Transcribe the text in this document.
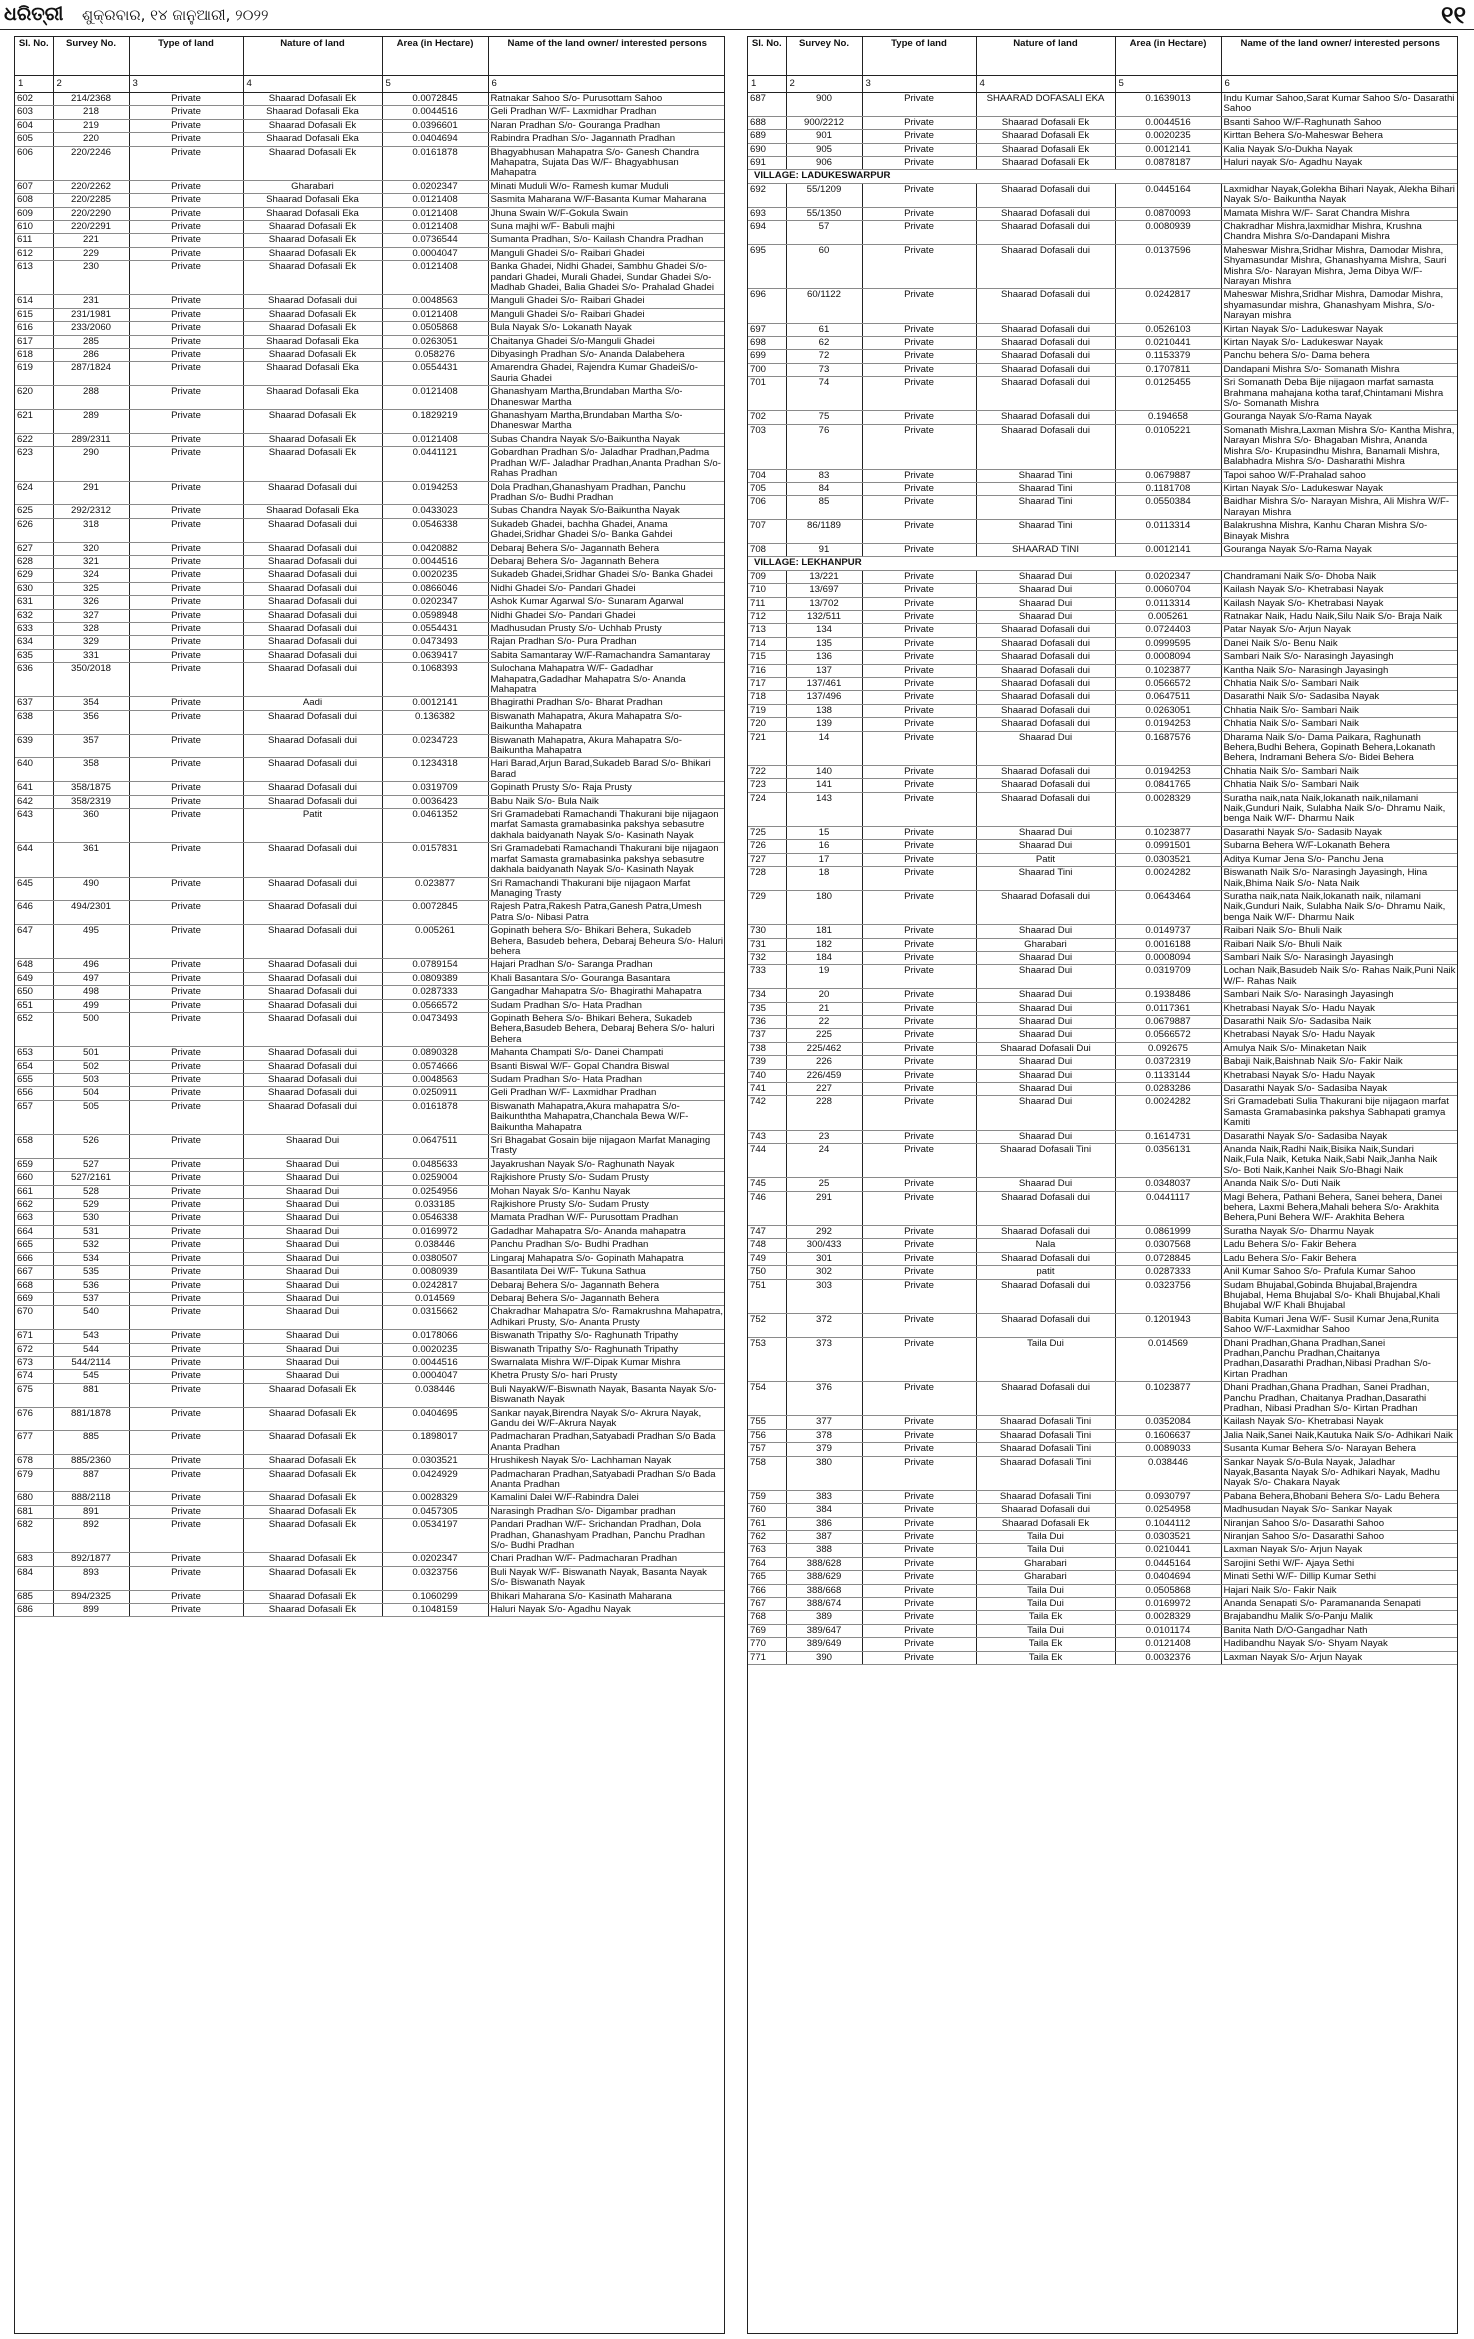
ଧରିତ୍ରୀ ଶୁକ୍ରବାର, ୧୪ ଜାନୁଆରୀ, ୨୦୨୨	୧୧
Sl. No.	Survey No.	Type of land	Nature of land	Area (in Hectare)	Name of the land owner/ interested persons
1	2	3	4	5	6
602	214/2368	Private	Shaarad Dofasali Ek	0.0072845	Ratnakar Sahoo S/o- Purusottam Sahoo
603	218	Private	Shaarad Dofasali Eka	0.0044516	Geli Pradhan W/F- Laxmidhar Pradhan
604	219	Private	Shaarad Dofasali Ek	0.0396601	Naran Pradhan S/o- Gouranga Pradhan
605	220	Private	Shaarad Dofasali Eka	0.0404694	Rabindra Pradhan S/o- Jagannath Pradhan
606	220/2246	Private	Shaarad Dofasali Ek	0.0161878	Bhagyabhusan Mahapatra S/o- Ganesh Chandra Mahapatra, Sujata Das W/F- Bhagyabhusan Mahapatra
607	220/2262	Private	Gharabari	0.0202347	Minati Muduli W/o- Ramesh kumar Muduli
608	220/2285	Private	Shaarad Dofasali Eka	0.0121408	Sasmita Maharana W/F-Basanta Kumar Maharana
609	220/2290	Private	Shaarad Dofasali Eka	0.0121408	Jhuna Swain W/F-Gokula Swain
610	220/2291	Private	Shaarad Dofasali Ek	0.0121408	Suna majhi w/F- Babuli majhi
611	221	Private	Shaarad Dofasali Ek	0.0736544	Sumanta Pradhan, S/o- Kailash Chandra Pradhan
612	229	Private	Shaarad Dofasali Ek	0.0004047	Manguli Ghadei S/o- Raibari Ghadei
613	230	Private	Shaarad Dofasali Ek	0.0121408	Banka Ghadei, Nidhi Ghadei, Sambhu Ghadei S/o- pandari Ghadei, Murali Ghadei, Sundar Ghadei S/o- Madhab Ghadei, Balia Ghadei S/o- Prahalad Ghadei
614	231	Private	Shaarad Dofasali dui	0.0048563	Manguli Ghadei S/o- Raibari Ghadei
615	231/1981	Private	Shaarad Dofasali Ek	0.0121408	Manguli Ghadei S/o- Raibari Ghadei
616	233/2060	Private	Shaarad Dofasali Ek	0.0505868	Bula Nayak S/o- Lokanath Nayak
617	285	Private	Shaarad Dofasali Eka	0.0263051	Chaitanya Ghadei S/o-Manguli Ghadei
618	286	Private	Shaarad Dofasali Ek	0.058276	Dibyasingh Pradhan S/o- Ananda Dalabehera
619	287/1824	Private	Shaarad Dofasali Eka	0.0554431	Amarendra Ghadei, Rajendra Kumar GhadeiS/o- Sauria Ghadei
620	288	Private	Shaarad Dofasali Eka	0.0121408	Ghanashyam Martha,Brundaban Martha S/o- Dhaneswar Martha
621	289	Private	Shaarad Dofasali Ek	0.1829219	Ghanashyam Martha,Brundaban Martha S/o- Dhaneswar Martha
622	289/2311	Private	Shaarad Dofasali Ek	0.0121408	Subas Chandra Nayak S/o-Baikuntha Nayak
623	290	Private	Shaarad Dofasali Ek	0.0441121	Gobardhan Pradhan S/o- Jaladhar Pradhan,Padma Pradhan W/F- Jaladhar Pradhan,Ananta Pradhan S/o- Rahas Pradhan
624	291	Private	Shaarad Dofasali dui	0.0194253	Dola Pradhan,Ghanashyam Pradhan, Panchu Pradhan S/o- Budhi Pradhan
625	292/2312	Private	Shaarad Dofasali Eka	0.0433023	Subas Chandra Nayak S/o-Baikuntha Nayak
626	318	Private	Shaarad Dofasali dui	0.0546338	Sukadeb Ghadei, bachha Ghadei, Anama Ghadei,Sridhar Ghadei S/o- Banka Gahdei
627	320	Private	Shaarad Dofasali dui	0.0420882	Debaraj Behera S/o- Jagannath Behera
628	321	Private	Shaarad Dofasali dui	0.0044516	Debaraj Behera S/o- Jagannath Behera
629	324	Private	Shaarad Dofasali dui	0.0020235	Sukadeb Ghadei,Sridhar Ghadei S/o- Banka Ghadei
630	325	Private	Shaarad Dofasali dui	0.0866046	Nidhi Ghadei S/o- Pandari Ghadei
631	326	Private	Shaarad Dofasali dui	0.0202347	Ashok Kumar Agarwal S/o- Sunaram Agarwal
632	327	Private	Shaarad Dofasali dui	0.0598948	Nidhi Ghadei S/o- Pandari Ghadei
633	328	Private	Shaarad Dofasali dui	0.0554431	Madhusudan Prusty S/o- Uchhab Prusty
634	329	Private	Shaarad Dofasali dui	0.0473493	Rajan Pradhan S/o- Pura Pradhan
635	331	Private	Shaarad Dofasali dui	0.0639417	Sabita Samantaray W/F-Ramachandra Samantaray
636	350/2018	Private	Shaarad Dofasali dui	0.1068393	Sulochana Mahapatra W/F- Gadadhar Mahapatra,Gadadhar Mahapatra S/o- Ananda Mahapatra
637	354	Private	Aadi	0.0012141	Bhagirathi Pradhan S/o- Bharat Pradhan
638	356	Private	Shaarad Dofasali dui	0.136382	Biswanath Mahapatra, Akura Mahapatra S/o- Baikuntha Mahapatra
639	357	Private	Shaarad Dofasali dui	0.0234723	Biswanath Mahapatra, Akura Mahapatra S/o- Baikuntha Mahapatra
640	358	Private	Shaarad Dofasali dui	0.1234318	Hari Barad,Arjun Barad,Sukadeb Barad S/o- Bhikari Barad
641	358/1875	Private	Shaarad Dofasali dui	0.0319709	Gopinath Prusty S/o- Raja Prusty
642	358/2319	Private	Shaarad Dofasali dui	0.0036423	Babu Naik S/o- Bula Naik
643	360	Private	Patit	0.0461352	Sri Gramadebati Ramachandi Thakurani bije nijagaon marfat Samasta gramabasinka pakshya sebasutre dakhala baidyanath Nayak S/o- Kasinath Nayak
644	361	Private	Shaarad Dofasali dui	0.0157831	Sri Gramadebati Ramachandi Thakurani bije nijagaon marfat Samasta gramabasinka pakshya sebasutre dakhala baidyanath Nayak S/o- Kasinath Nayak
645	490	Private	Shaarad Dofasali dui	0.023877	Sri Ramachandi Thakurani bije nijagaon Marfat Managing Trasty
646	494/2301	Private	Shaarad Dofasali dui	0.0072845	Rajesh Patra,Rakesh Patra,Ganesh Patra,Umesh Patra S/o- Nibasi Patra
647	495	Private	Shaarad Dofasali dui	0.005261	Gopinath behera S/o- Bhikari Behera, Sukadeb Behera, Basudeb behera, Debaraj Beheura S/o- Haluri behera
648	496	Private	Shaarad Dofasali dui	0.0789154	Hajari Pradhan S/o- Saranga Pradhan
649	497	Private	Shaarad Dofasali dui	0.0809389	Khali Basantara S/o- Gouranga Basantara
650	498	Private	Shaarad Dofasali dui	0.0287333	Gangadhar Mahapatra S/o- Bhagirathi Mahapatra
651	499	Private	Shaarad Dofasali dui	0.0566572	Sudam Pradhan S/o- Hata Pradhan
652	500	Private	Shaarad Dofasali dui	0.0473493	Gopinath Behera S/o- Bhikari Behera, Sukadeb Behera,Basudeb Behera, Debaraj Behera S/o- haluri Behera
653	501	Private	Shaarad Dofasali dui	0.0890328	Mahanta Champati S/o- Danei Champati
654	502	Private	Shaarad Dofasali dui	0.0574666	Bsanti Biswal W/F- Gopal Chandra Biswal
655	503	Private	Shaarad Dofasali dui	0.0048563	Sudam Pradhan S/o- Hata Pradhan
656	504	Private	Shaarad Dofasali dui	0.0250911	Geli Pradhan W/F- Laxmidhar Pradhan
657	505	Private	Shaarad Dofasali dui	0.0161878	Biswanath Mahapatra,Akura mahapatra S/o- Baikunththa Mahapatra,Chanchala Bewa W/F- Baikuntha Mahapatra
658	526	Private	Shaarad Dui	0.0647511	Sri Bhagabat Gosain bije nijagaon Marfat Managing Trasty
659	527	Private	Shaarad Dui	0.0485633	Jayakrushan Nayak S/o- Raghunath Nayak
660	527/2161	Private	Shaarad Dui	0.0259004	Rajkishore Prusty S/o- Sudam Prusty
661	528	Private	Shaarad Dui	0.0254956	Mohan Nayak S/o- Kanhu Nayak
662	529	Private	Shaarad Dui	0.033185	Rajkishore Prusty S/o- Sudam Prusty
663	530	Private	Shaarad Dui	0.0546338	Mamata Pradhan W/F- Purusottam Pradhan
664	531	Private	Shaarad Dui	0.0169972	Gadadhar Mahapatra S/o- Ananda mahapatra
665	532	Private	Shaarad Dui	0.038446	Panchu Pradhan S/o- Budhi Pradhan
666	534	Private	Shaarad Dui	0.0380507	Lingaraj Mahapatra S/o- Gopinath Mahapatra
667	535	Private	Shaarad Dui	0.0080939	Basantilata Dei W/F- Tukuna Sathua
668	536	Private	Shaarad Dui	0.0242817	Debaraj Behera S/o- Jagannath Behera
669	537	Private	Shaarad Dui	0.014569	Debaraj Behera S/o- Jagannath Behera
670	540	Private	Shaarad Dui	0.0315662	Chakradhar Mahapatra S/o- Ramakrushna Mahapatra, Adhikari Prusty, S/o- Ananta Prusty
671	543	Private	Shaarad Dui	0.0178066	Biswanath Tripathy S/o- Raghunath Tripathy
672	544	Private	Shaarad Dui	0.0020235	Biswanath Tripathy S/o- Raghunath Tripathy
673	544/2114	Private	Shaarad Dui	0.0044516	Swarnalata Mishra W/F-Dipak Kumar Mishra
674	545	Private	Shaarad Dui	0.0004047	Khetra Prusty S/o- hari Prusty
675	881	Private	Shaarad Dofasali Ek	0.038446	Buli NayakW/F-Biswnath Nayak, Basanta Nayak S/o- Biswanath Nayak
676	881/1878	Private	Shaarad Dofasali Ek	0.0404695	Sankar nayak,Birendra Nayak S/o- Akrura Nayak, Gandu dei W/F-Akrura Nayak
677	885	Private	Shaarad Dofasali Ek	0.1898017	Padmacharan Pradhan,Satyabadi Pradhan S/o Bada Ananta Pradhan
678	885/2360	Private	Shaarad Dofasali Ek	0.0303521	Hrushikesh Nayak S/o- Lachhaman Nayak
679	887	Private	Shaarad Dofasali Ek	0.0424929	Padmacharan Pradhan,Satyabadi Pradhan S/o Bada Ananta Pradhan
680	888/2118	Private	Shaarad Dofasali Ek	0.0028329	Kamalini Dalei W/F-Rabindra Dalei
681	891	Private	Shaarad Dofasali Ek	0.0457305	Narasingh Pradhan S/o- Digambar pradhan
682	892	Private	Shaarad Dofasali Ek	0.0534197	Pandari Pradhan W/F- Srichandan Pradhan, Dola Pradhan, Ghanashyam Pradhan, Panchu Pradhan S/o- Budhi Pradhan
683	892/1877	Private	Shaarad Dofasali Ek	0.0202347	Chari Pradhan W/F- Padmacharan Pradhan
684	893	Private	Shaarad Dofasali Ek	0.0323756	Buli Nayak W/F- Biswanath Nayak, Basanta Nayak S/o- Biswanath Nayak
685	894/2325	Private	Shaarad Dofasali Ek	0.1060299	Bhikari Maharana S/o- Kasinath Maharana
686	899	Private	Shaarad Dofasali Ek	0.1048159	Haluri Nayak S/o- Agadhu Nayak
Sl. No.	Survey No.	Type of land	Nature of land	Area (in Hectare)	Name of the land owner/ interested persons
1	2	3	4	5	6
687	900	Private	SHAARAD DOFASALI EKA	0.1639013	Indu Kumar Sahoo,Sarat Kumar Sahoo S/o- Dasarathi Sahoo
688	900/2212	Private	Shaarad Dofasali Ek	0.0044516	Bsanti Sahoo W/F-Raghunath Sahoo
689	901	Private	Shaarad Dofasali Ek	0.0020235	Kirttan Behera S/o-Maheswar Behera
690	905	Private	Shaarad Dofasali Ek	0.0012141	Kalia Nayak S/o-Dukha Nayak
691	906	Private	Shaarad Dofasali Ek	0.0878187	Haluri nayak S/o- Agadhu Nayak
VILLAGE: LADUKESWARPUR					
692	55/1209	Private	Shaarad Dofasali dui	0.0445164	Laxmidhar Nayak,Golekha Bihari Nayak, Alekha Bihari Nayak S/o- Baikuntha Nayak
693	55/1350	Private	Shaarad Dofasali dui	0.0870093	Mamata Mishra W/F- Sarat Chandra Mishra
694	57	Private	Shaarad Dofasali dui	0.0080939	Chakradhar Mishra,laxmidhar Mishra, Krushna Chandra Mishra S/o-Dandapani Mishra
695	60	Private	Shaarad Dofasali dui	0.0137596	Maheswar Mishra,Sridhar Mishra, Damodar Mishra, Shyamasundar Mishra, Ghanashyama Mishra, Sauri Mishra S/o- Narayan Mishra, Jema Dibya W/F-Narayan Mishra
696	60/1122	Private	Shaarad Dofasali dui	0.0242817	Maheswar Mishra,Sridhar Mishra, Damodar Mishra, shyamasundar mishra, Ghanashyam Mishra, S/o- Narayan mishra
697	61	Private	Shaarad Dofasali dui	0.0526103	Kirtan Nayak S/o- Ladukeswar Nayak
698	62	Private	Shaarad Dofasali dui	0.0210441	Kirtan Nayak S/o- Ladukeswar Nayak
699	72	Private	Shaarad Dofasali dui	0.1153379	Panchu behera S/o- Dama behera
700	73	Private	Shaarad Dofasali dui	0.1707811	Dandapani Mishra S/o- Somanath Mishra
701	74	Private	Shaarad Dofasali dui	0.0125455	Sri Somanath Deba Bije nijagaon marfat samasta Brahmana mahajana kotha taraf,Chintamani Mishra S/o- Somanath Mishra
702	75	Private	Shaarad Dofasali dui	0.194658	Gouranga Nayak S/o-Rama Nayak
703	76	Private	Shaarad Dofasali dui	0.0105221	Somanath Mishra,Laxman Mishra S/o- Kantha Mishra, Narayan Mishra S/o- Bhagaban Mishra, Ananda Mishra S/o- Krupasindhu Mishra, Banamali Mishra, Balabhadra Mishra S/o- Dasharathi Mishra
704	83	Private	Shaarad Tini	0.0679887	Tapoi sahoo W/F-Prahalad sahoo
705	84	Private	Shaarad Tini	0.1181708	Kirtan Nayak S/o- Ladukeswar Nayak
706	85	Private	Shaarad Tini	0.0550384	Baidhar Mishra S/o- Narayan Mishra, Ali Mishra W/F-Narayan Mishra
707	86/1189	Private	Shaarad Tini	0.0113314	Balakrushna Mishra, Kanhu Charan Mishra S/o-Binayak Mishra
708	91	Private	SHAARAD TINI	0.0012141	Gouranga Nayak S/o-Rama Nayak
VILLAGE: LEKHANPUR					
709	13/221	Private	Shaarad Dui	0.0202347	Chandramani Naik S/o- Dhoba Naik
710	13/697	Private	Shaarad Dui	0.0060704	Kailash Nayak S/o- Khetrabasi Nayak
711	13/702	Private	Shaarad Dui	0.0113314	Kailash Nayak S/o- Khetrabasi Nayak
712	132/511	Private	Shaarad Dui	0.005261	Ratnakar Naik, Hadu Naik,Silu Naik S/o- Braja Naik
713	134	Private	Shaarad Dofasali dui	0.0724403	Patar Nayak S/o- Arjun Nayak
714	135	Private	Shaarad Dofasali dui	0.0999595	Danei Naik S/o- Benu Naik
715	136	Private	Shaarad Dofasali dui	0.0008094	Sambari Naik S/o- Narasingh Jayasingh
716	137	Private	Shaarad Dofasali dui	0.1023877	Kantha Naik S/o- Narasingh Jayasingh
717	137/461	Private	Shaarad Dofasali dui	0.0566572	Chhatia Naik S/o- Sambari Naik
718	137/496	Private	Shaarad Dofasali dui	0.0647511	Dasarathi Naik S/o- Sadasiba Nayak
719	138	Private	Shaarad Dofasali dui	0.0263051	Chhatia Naik S/o- Sambari Naik
720	139	Private	Shaarad Dofasali dui	0.0194253	Chhatia Naik S/o- Sambari Naik
721	14	Private	Shaarad Dui	0.1687576	Dharama Naik S/o- Dama Paikara, Raghunath Behera,Budhi Behera, Gopinath Behera,Lokanath Behera, Indramani Behera S/o- Bidei Behera
722	140	Private	Shaarad Dofasali dui	0.0194253	Chhatia Naik S/o- Sambari Naik
723	141	Private	Shaarad Dofasali dui	0.0841765	Chhatia Naik S/o- Sambari Naik
724	143	Private	Shaarad Dofasali dui	0.0028329	Suratha naik,nata Naik,lokanath naik,nilamani Naik,Gunduri Naik, Sulabha Naik S/o- Dhramu Naik, benga Naik W/F- Dharmu Naik
725	15	Private	Shaarad Dui	0.1023877	Dasarathi Nayak S/o- Sadasib Nayak
726	16	Private	Shaarad Dui	0.0991501	Subarna Behera W/F-Lokanath Behera
727	17	Private	Patit	0.0303521	Aditya Kumar Jena S/o- Panchu Jena
728	18	Private	Shaarad Tini	0.0024282	Biswanath Naik S/o- Narasingh Jayasingh, Hina Naik,Bhima Naik S/o- Nata Naik
729	180	Private	Shaarad Dofasali dui	0.0643464	Suratha naik,nata Naik,lokanath naik, nilamani Naik,Gunduri Naik, Sulabha Naik S/o- Dhramu Naik, benga Naik W/F- Dharmu Naik
730	181	Private	Shaarad Dui	0.0149737	Raibari Naik S/o- Bhuli Naik
731	182	Private	Gharabari	0.0016188	Raibari Naik S/o- Bhuli Naik
732	184	Private	Shaarad Dui	0.0008094	Sambari Naik S/o- Narasingh Jayasingh
733	19	Private	Shaarad Dui	0.0319709	Lochan Naik,Basudeb Naik S/o- Rahas Naik,Puni Naik W/F- Rahas Naik
734	20	Private	Shaarad Dui	0.1938486	Sambari Naik S/o- Narasingh Jayasingh
735	21	Private	Shaarad Dui	0.0117361	Khetrabasi Nayak S/o- Hadu Nayak
736	22	Private	Shaarad Dui	0.0679887	Dasarathi Naik S/o- Sadasiba Naik
737	225	Private	Shaarad Dui	0.0566572	Khetrabasi Nayak S/o- Hadu Nayak
738	225/462	Private	Shaarad Dofasali Dui	0.092675	Amulya Naik S/o- Minaketan Naik
739	226	Private	Shaarad Dui	0.0372319	Babaji Naik,Baishnab Naik S/o- Fakir Naik
740	226/459	Private	Shaarad Dui	0.1133144	Khetrabasi Nayak S/o- Hadu Nayak
741	227	Private	Shaarad Dui	0.0283286	Dasarathi Nayak S/o- Sadasiba Nayak
742	228	Private	Shaarad Dui	0.0024282	Sri Gramadebati Sulia Thakurani bije nijagaon marfat Samasta Gramabasinka pakshya Sabhapati gramya Kamiti
743	23	Private	Shaarad Dui	0.1614731	Dasarathi Nayak S/o- Sadasiba Nayak
744	24	Private	Shaarad Dofasali Tini	0.0356131	Ananda Naik,Radhi Naik,Bisika Naik,Sundari Naik,Fula Naik, Ketuka Naik,Sabi Naik,Janha Naik S/o- Boti Naik,Kanhei Naik S/o-Bhagi Naik
745	25	Private	Shaarad Dui	0.0348037	Ananda Naik S/o- Duti Naik
746	291	Private	Shaarad Dofasali dui	0.0441117	Magi Behera, Pathani Behera, Sanei behera, Danei behera, Laxmi Behera,Mahali behera S/o- Arakhita Behera,Puni Behera W/F- Arakhita Behera
747	292	Private	Shaarad Dofasali dui	0.0861999	Suratha Nayak S/o- Dharmu Nayak
748	300/433	Private	Nala	0.0307568	Ladu Behera S/o- Fakir Behera
749	301	Private	Shaarad Dofasali dui	0.0728845	Ladu Behera S/o- Fakir Behera
750	302	Private	patit	0.0287333	Anil Kumar Sahoo S/o- Prafula Kumar Sahoo
751	303	Private	Shaarad Dofasali dui	0.0323756	Sudam Bhujabal,Gobinda Bhujabal,Brajendra Bhujabal, Hema Bhujabal S/o- Khali Bhujabal,Khali Bhujabal W/F Khali Bhujabal
752	372	Private	Shaarad Dofasali dui	0.1201943	Babita Kumari Jena W/F- Susil Kumar Jena,Runita Sahoo W/F-Laxmidhar Sahoo
753	373	Private	Taila Dui	0.014569	Dhani Pradhan,Ghana Pradhan,Sanei Pradhan,Panchu Pradhan,Chaitanya Pradhan,Dasarathi Pradhan,Nibasi Pradhan S/o- Kirtan Pradhan
754	376	Private	Shaarad Dofasali dui	0.1023877	Dhani Pradhan,Ghana Pradhan, Sanei Pradhan, Panchu Pradhan, Chaitanya Pradhan,Dasarathi Pradhan, Nibasi Pradhan S/o- Kirtan Pradhan
755	377	Private	Shaarad Dofasali Tini	0.0352084	Kailash Nayak S/o- Khetrabasi Nayak
756	378	Private	Shaarad Dofasali Tini	0.1606637	Jalia Naik,Sanei Naik,Kautuka Naik S/o- Adhikari Naik
757	379	Private	Shaarad Dofasali Tini	0.0089033	Susanta Kumar Behera S/o- Narayan Behera
758	380	Private	Shaarad Dofasali Tini	0.038446	Sankar Nayak S/o-Bula Nayak, Jaladhar Nayak,Basanta Nayak S/o- Adhikari Nayak, Madhu Nayak S/o- Chakara Nayak
759	383	Private	Shaarad Dofasali Tini	0.0930797	Pabana Behera,Bhobani Behera S/o- Ladu Behera
760	384	Private	Shaarad Dofasali dui	0.0254958	Madhusudan Nayak S/o- Sankar Nayak
761	386	Private	Shaarad Dofasali Ek	0.1044112	Niranjan Sahoo S/o- Dasarathi Sahoo
762	387	Private	Taila Dui	0.0303521	Niranjan Sahoo S/o- Dasarathi Sahoo
763	388	Private	Taila Dui	0.0210441	Laxman Nayak S/o- Arjun Nayak
764	388/628	Private	Gharabari	0.0445164	Sarojini Sethi W/F- Ajaya Sethi
765	388/629	Private	Gharabari	0.0404694	Minati Sethi W/F- Dillip Kumar Sethi
766	388/668	Private	Taila Dui	0.0505868	Hajari Naik S/o- Fakir Naik
767	388/674	Private	Taila Dui	0.0169972	Ananda Senapati S/o- Paramananda Senapati
768	389	Private	Taila Ek	0.0028329	Brajabandhu Malik S/o-Panju Malik
769	389/647	Private	Taila Dui	0.0101174	Banita Nath D/O-Gangadhar Nath
770	389/649	Private	Taila Ek	0.0121408	Hadibandhu Nayak S/o- Shyam Nayak
771	390	Private	Taila Ek	0.0032376	Laxman Nayak S/o- Arjun Nayak
